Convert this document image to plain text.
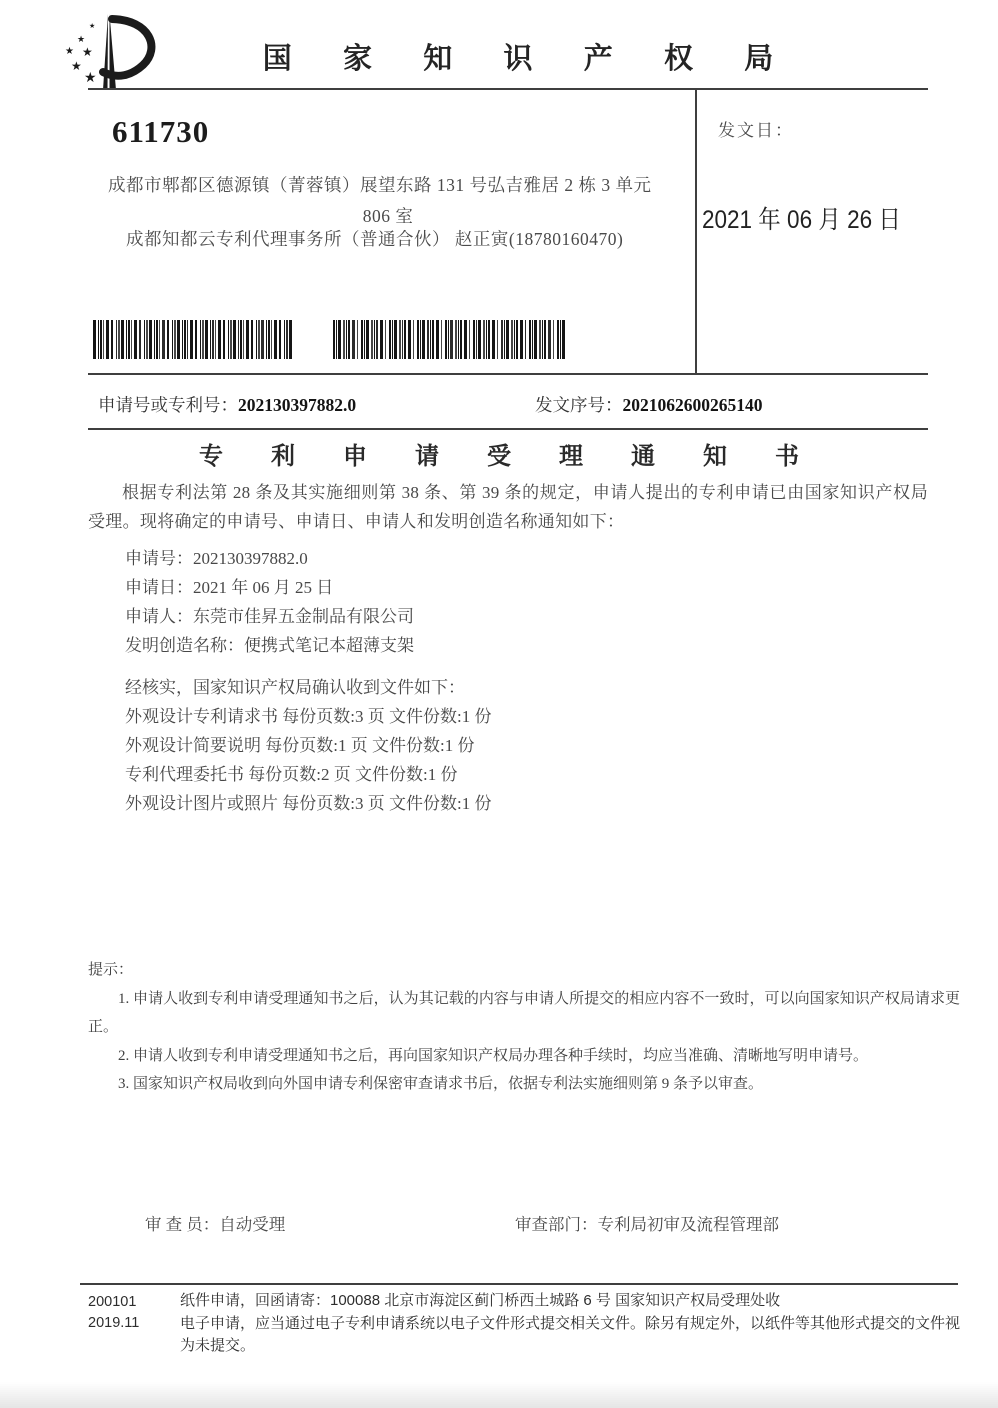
★
★
★ ★
★
★
国 家 知 识 产 权 局
611730
成都市郫都区德源镇（菁蓉镇）展望东路 131 号弘吉雅居 2 栋 3 单元
806 室
成都知都云专利代理事务所（普通合伙） 赵正寅(18780160470)
发文日：
2021 年 06 月 26 日
申请号或专利号：202130397882.0	发文序号：2021062600265140
专 利 申 请 受 理 通 知 书

根据专利法第 28 条及其实施细则第 38 条、第 39 条的规定，申请人提出的专利申请已由国家知识产权局受理。现将确定的申请号、申请日、申请人和发明创造名称通知如下：

申请号：202130397882.0
申请日：2021 年 06 月 25 日
申请人：东莞市佳昇五金制品有限公司
发明创造名称：便携式笔记本超薄支架
经核实，国家知识产权局确认收到文件如下：
外观设计专利请求书 每份页数:3 页 文件份数:1 份
外观设计简要说明 每份页数:1 页 文件份数:1 份
专利代理委托书 每份页数:2 页 文件份数:1 份
外观设计图片或照片 每份页数:3 页 文件份数:1 份
提示：
1. 申请人收到专利申请受理通知书之后，认为其记载的内容与申请人所提交的相应内容不一致时，可以向国家知识产权局请求更正。
2. 申请人收到专利申请受理通知书之后，再向国家知识产权局办理各种手续时，均应当准确、清晰地写明申请号。
3. 国家知识产权局收到向外国申请专利保密审查请求书后，依据专利法实施细则第 9 条予以审查。
审 查 员：自动受理	审查部门：专利局初审及流程管理部
200101
2019.11
纸件申请，回函请寄：100088 北京市海淀区蓟门桥西土城路 6 号 国家知识产权局受理处收
电子申请，应当通过电子专利申请系统以电子文件形式提交相关文件。除另有规定外，以纸件等其他形式提交的文件视为未提交。
